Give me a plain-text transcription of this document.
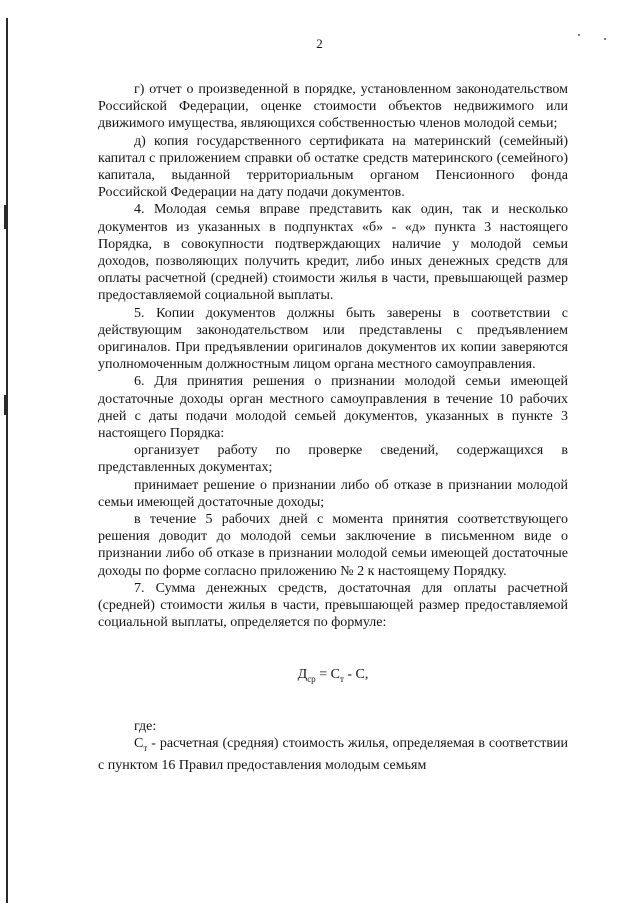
2

г) отчет о произведенной в порядке, установленном законодательством Российской Федерации, оценке стоимости объектов недвижимого или движимого имущества, являющихся собственностью членов молодой семьи;

д) копия государственного сертификата на материнский (семейный) капитал с приложением справки об остатке средств материнского (семейного) капитала, выданной территориальным органом Пенсионного фонда Российской Федерации на дату подачи документов.

4. Молодая семья вправе представить как один, так и несколько документов из указанных в подпунктах «б» - «д» пункта 3 настоящего Порядка, в совокупности подтверждающих наличие у молодой семьи доходов, позволяющих получить кредит, либо иных денежных средств для оплаты расчетной (средней) стоимости жилья в части, превышающей размер предоставляемой социальной выплаты.

5. Копии документов должны быть заверены в соответствии с действующим законодательством или представлены с предъявлением оригиналов. При предъявлении оригиналов документов их копии заверяются уполномоченным должностным лицом органа местного самоуправления.

6. Для принятия решения о признании молодой семьи имеющей достаточные доходы орган местного самоуправления в течение 10 рабочих дней с даты подачи молодой семьей документов, указанных в пункте 3 настоящего Порядка:

организует работу по проверке сведений, содержащихся в представленных документах;

принимает решение о признании либо об отказе в признании молодой семьи имеющей достаточные доходы;

в течение 5 рабочих дней с момента принятия соответствующего решения доводит до молодой семьи заключение в письменном виде о признании либо об отказе в признании молодой семьи имеющей достаточные доходы по форме согласно приложению № 2 к настоящему Порядку.

7. Сумма денежных средств, достаточная для оплаты расчетной (средней) стоимости жилья в части, превышающей размер предоставляемой социальной выплаты, определяется по формуле:

$Д_{ср} = С_т - С$,

где:

$С_т$ - расчетная (средняя) стоимость жилья, определяемая в соответствии с пунктом 16 Правил предоставления молодым семьям
